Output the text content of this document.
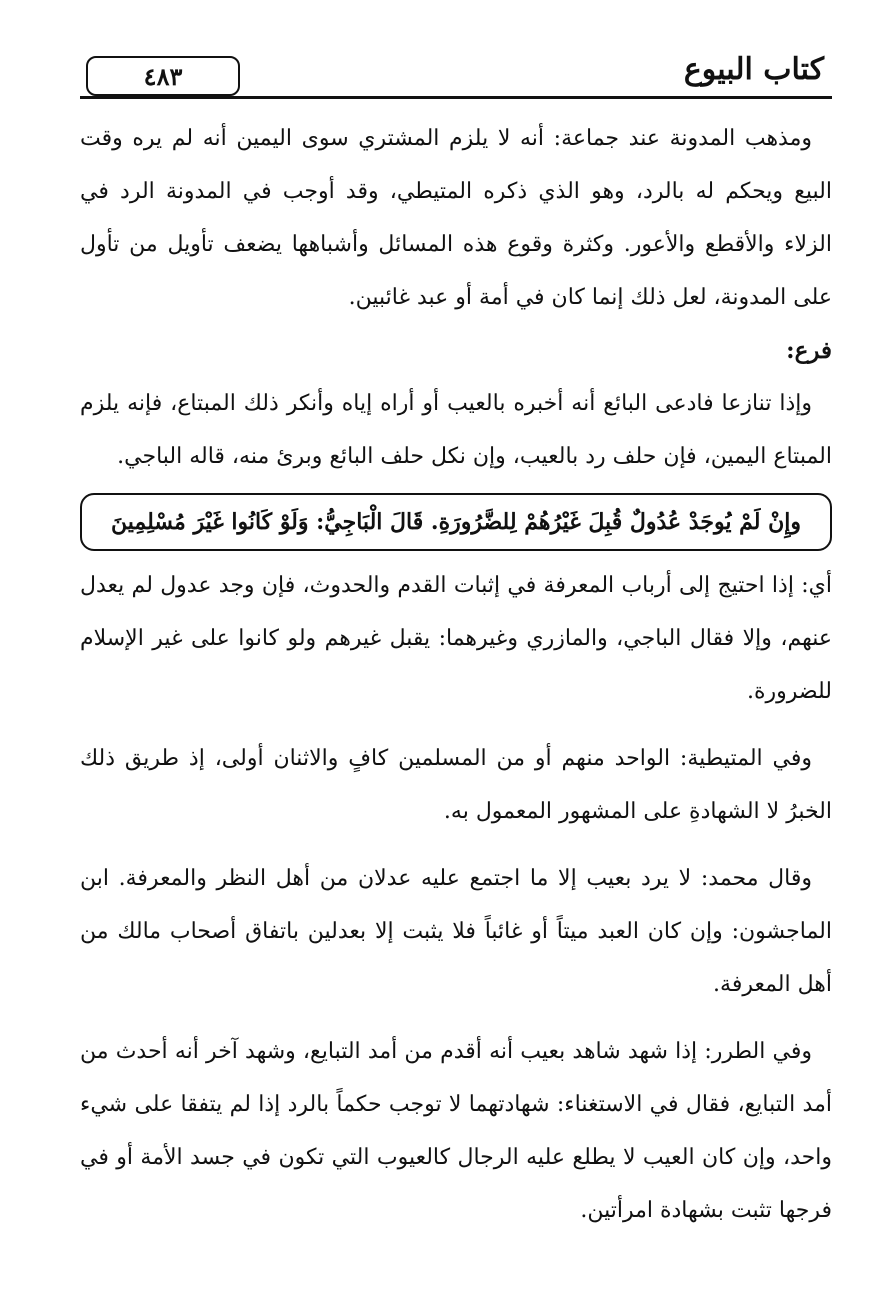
٤٨٣	كتاب البيوع

ومذهب المدونة عند جماعة: أنه لا يلزم المشتري سوى اليمين أنه لم يره وقت البيع ويحكم له بالرد، وهو الذي ذكره المتيطي، وقد أوجب في المدونة الرد في الزلاء والأقطع والأعور. وكثرة وقوع هذه المسائل وأشباهها يضعف تأويل من تأول على المدونة، لعل ذلك إنما كان في أمة أو عبد غائبين.

فرع:

وإذا تنازعا فادعى البائع أنه أخبره بالعيب أو أراه إياه وأنكر ذلك المبتاع، فإنه يلزم المبتاع اليمين، فإن حلف رد بالعيب، وإن نكل حلف البائع وبرئ منه، قاله الباجي.

وإِنْ لَمْ يُوجَدْ عُدُولٌ قُبِلَ غَيْرُهُمْ لِلضَّرُورَةِ. قَالَ الْبَاجِيُّ: وَلَوْ كَانُوا غَيْرَ مُسْلِمِينَ

أي: إذا احتيج إلى أرباب المعرفة في إثبات القدم والحدوث، فإن وجد عدول لم يعدل عنهم، وإلا فقال الباجي، والمازري وغيرهما: يقبل غيرهم ولو كانوا على غير الإسلام للضرورة.

وفي المتيطية: الواحد منهم أو من المسلمين كافٍ والاثنان أولى، إذ طريق ذلك الخبرُ لا الشهادةِ على المشهور المعمول به.

وقال محمد: لا يرد بعيب إلا ما اجتمع عليه عدلان من أهل النظر والمعرفة. ابن الماجشون: وإن كان العبد ميتاً أو غائباً فلا يثبت إلا بعدلين باتفاق أصحاب مالك من أهل المعرفة.

وفي الطرر: إذا شهد شاهد بعيب أنه أقدم من أمد التبايع، وشهد آخر أنه أحدث من أمد التبايع، فقال في الاستغناء: شهادتهما لا توجب حكماً بالرد إذا لم يتفقا على شيء واحد، وإن كان العيب لا يطلع عليه الرجال كالعيوب التي تكون في جسد الأمة أو في فرجها تثبت بشهادة امرأتين.
